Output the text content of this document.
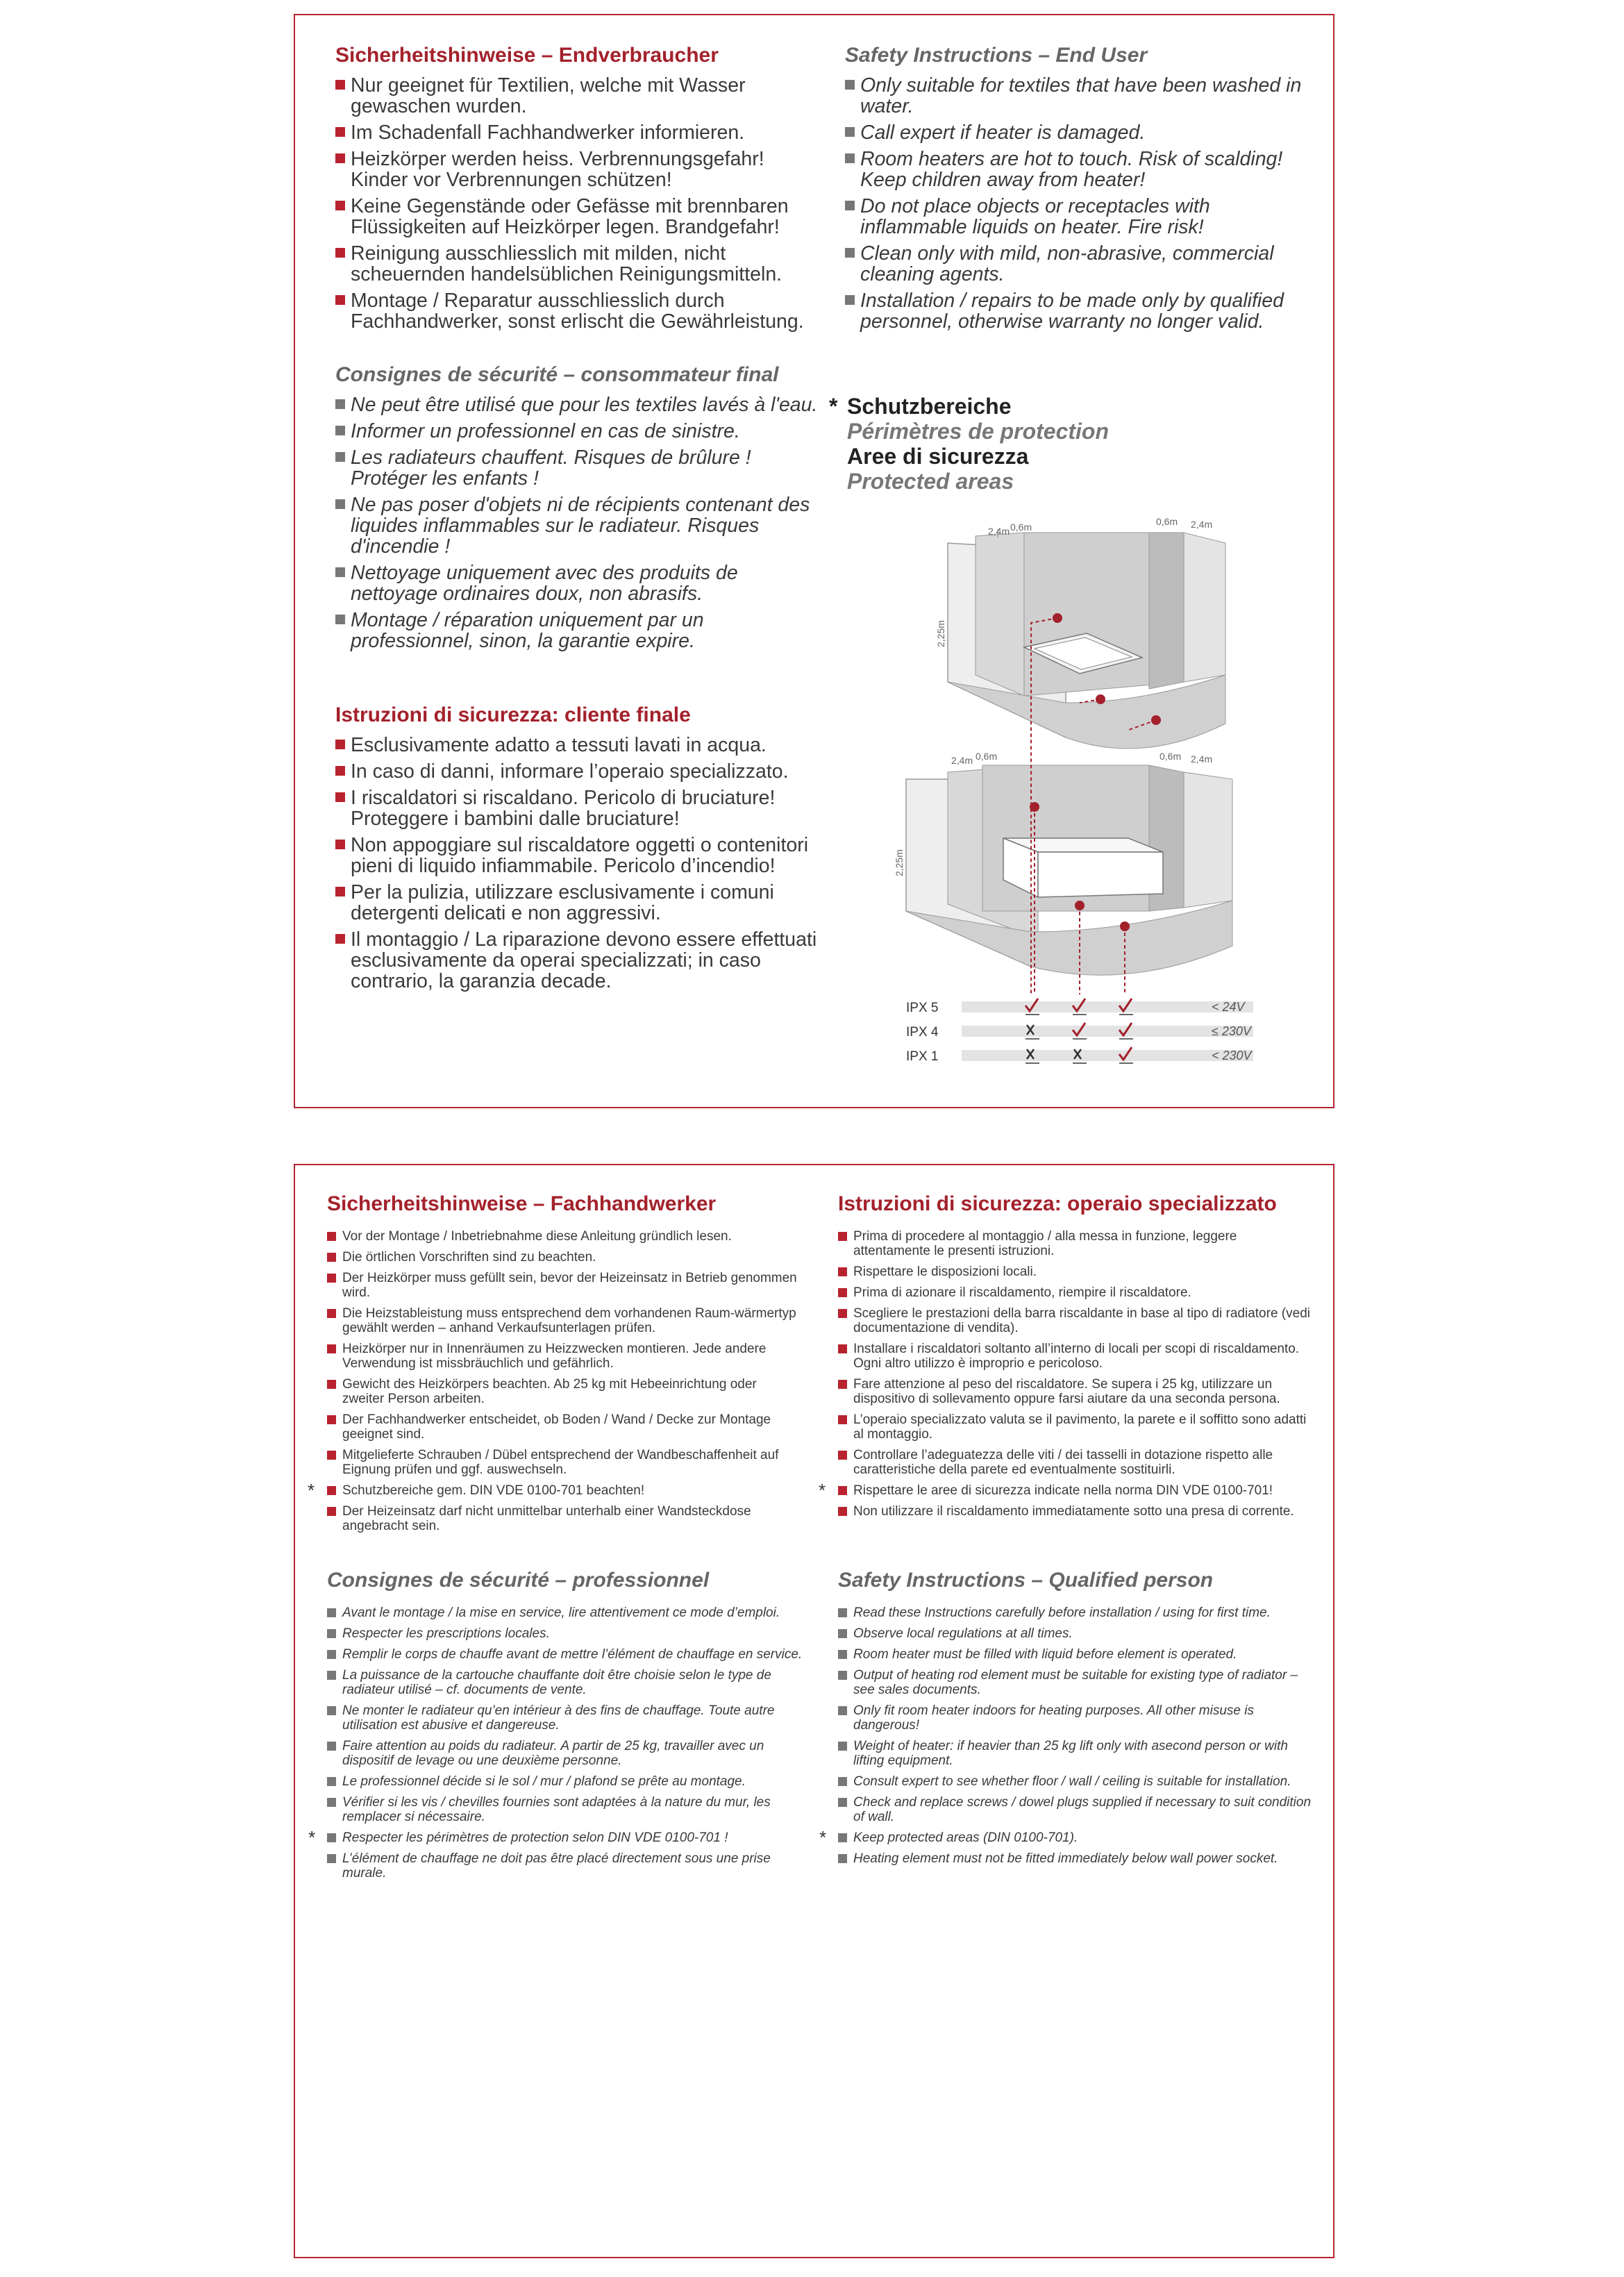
Sicherheitshinweise – Endverbraucher
Nur geeignet für Textilien, welche mit Wasser gewaschen wurden.
Im Schadenfall Fachhandwerker informieren.
Heizkörper werden heiss. Verbrennungsgefahr! Kinder vor Verbrennungen schützen!
Keine Gegenstände oder Gefässe mit brennbaren Flüssigkeiten auf Heizkörper legen. Brandgefahr!
Reinigung ausschliesslich mit milden, nicht scheuernden handelsüblichen Reinigungsmitteln.
Montage / Reparatur ausschliesslich durch Fachhandwerker, sonst erlischt die Gewährleistung.
Safety Instructions – End User
Only suitable for textiles that have been washed in water.
Call expert if heater is damaged.
Room heaters are hot to touch. Risk of scalding! Keep children away from heater!
Do not place objects or receptacles with inflammable liquids on heater. Fire risk!
Clean only with mild, non-abrasive, commercial cleaning agents.
Installation / repairs to be made only by qualified personnel, otherwise warranty no longer valid.
Consignes de sécurité – consommateur final
Ne peut être utilisé que pour les textiles lavés à l'eau.
Informer un professionnel en cas de sinistre.
Les radiateurs chauffent. Risques de brûlure ! Protéger les enfants !
Ne pas poser d'objets ni de récipients contenant des liquides inflammables sur le radiateur. Risques d'incendie !
Nettoyage uniquement avec des produits de nettoyage ordinaires doux, non abrasifs.
Montage / réparation uniquement par un professionnel, sinon, la garantie expire.
Istruzioni di sicurezza: cliente finale
Esclusivamente adatto a tessuti lavati in acqua.
In caso di danni, informare l’operaio specializzato.
I riscaldatori si riscaldano. Pericolo di bruciature! Proteggere i bambini dalle bruciature!
Non appoggiare sul riscaldatore oggetti o contenitori pieni di liquido infiammabile. Pericolo d’incendio!
Per la pulizia, utilizzare esclusivamente i comuni detergenti delicati e non aggressivi.
Il montaggio / La riparazione devono essere effettuati esclusivamente da operai specializzati; in caso contrario, la garanzia decade.
* Schutzbereiche
Périmètres de protection
Aree di sicurezza
Protected areas
2,4m 0,6m	0,6m 2,4m
2,25m
2,4m 0,6m	0,6m 2,4m
2,25m
IPX 5
IPX 4
IPX 1
< 24V
≤ 230V
< 230V
Sicherheitshinweise – Fachhandwerker
Vor der Montage / Inbetriebnahme diese Anleitung gründlich lesen.
Die örtlichen Vorschriften sind zu beachten.
Der Heizkörper muss gefüllt sein, bevor der Heizeinsatz in Betrieb genommen wird.
Die Heizstableistung muss entsprechend dem vorhandenen Raum-wärmertyp gewählt werden – anhand Verkaufsunterlagen prüfen.
Heizkörper nur in Innenräumen zu Heizzwecken montieren. Jede andere Verwendung ist missbräuchlich und gefährlich.
Gewicht des Heizkörpers beachten. Ab 25 kg mit Hebeeinrichtung oder zweiter Person arbeiten.
Der Fachhandwerker entscheidet, ob Boden / Wand / Decke zur Montage geeignet sind.
Mitgelieferte Schrauben / Dübel entsprechend der Wandbeschaffenheit auf Eignung prüfen und ggf. auswechseln.
* Schutzbereiche gem. DIN VDE 0100-701 beachten!
Der Heizeinsatz darf nicht unmittelbar unterhalb einer Wandsteckdose angebracht sein.
Istruzioni di sicurezza: operaio specializzato
Prima di procedere al montaggio / alla messa in funzione, leggere attentamente le presenti istruzioni.
Rispettare le disposizioni locali.
Prima di azionare il riscaldamento, riempire il riscaldatore.
Scegliere le prestazioni della barra riscaldante in base al tipo di radiatore (vedi documentazione di vendita).
Installare i riscaldatori soltanto all’interno di locali per scopi di riscaldamento. Ogni altro utilizzo è improprio e pericoloso.
Fare attenzione al peso del riscaldatore. Se supera i 25 kg, utilizzare un dispositivo di sollevamento oppure farsi aiutare da una seconda persona.
L’operaio specializzato valuta se il pavimento, la parete e il soffitto sono adatti al montaggio.
Controllare l’adeguatezza delle viti / dei tasselli in dotazione rispetto alle caratteristiche della parete ed eventualmente sostituirli.
* Rispettare le aree di sicurezza indicate nella norma DIN VDE 0100-701!
Non utilizzare il riscaldamento immediatamente sotto una presa di corrente.
Consignes de sécurité – professionnel
Avant le montage / la mise en service, lire attentivement ce mode d’emploi.
Respecter les prescriptions locales.
Remplir le corps de chauffe avant de mettre l’élément de chauffage en service.
La puissance de la cartouche chauffante doit être choisie selon le type de radiateur utilisé – cf. documents de vente.
Ne monter le radiateur qu’en intérieur à des fins de chauffage. Toute autre utilisation est abusive et dangereuse.
Faire attention au poids du radiateur. A partir de 25 kg, travailler avec un dispositif de levage ou une deuxième personne.
Le professionnel décide si le sol / mur / plafond se prête au montage.
Vérifier si les vis / chevilles fournies sont adaptées à la nature du mur, les remplacer si nécessaire.
* Respecter les périmètres de protection selon DIN VDE 0100-701 !
L’élément de chauffage ne doit pas être placé directement sous une prise murale.
Safety Instructions – Qualified person
Read these Instructions carefully before installation / using for first time.
Observe local regulations at all times.
Room heater must be filled with liquid before element is operated.
Output of heating rod element must be suitable for existing type of radiator – see sales documents.
Only fit room heater indoors for heating purposes. All other misuse is dangerous!
Weight of heater: if heavier than 25 kg lift only with asecond person or with lifting equipment.
Consult expert to see whether floor / wall / ceiling is suitable for installation.
Check and replace screws / dowel plugs supplied if necessary to suit condition of wall.
* Keep protected areas (DIN 0100-701).
Heating element must not be fitted immediately below wall power socket.
